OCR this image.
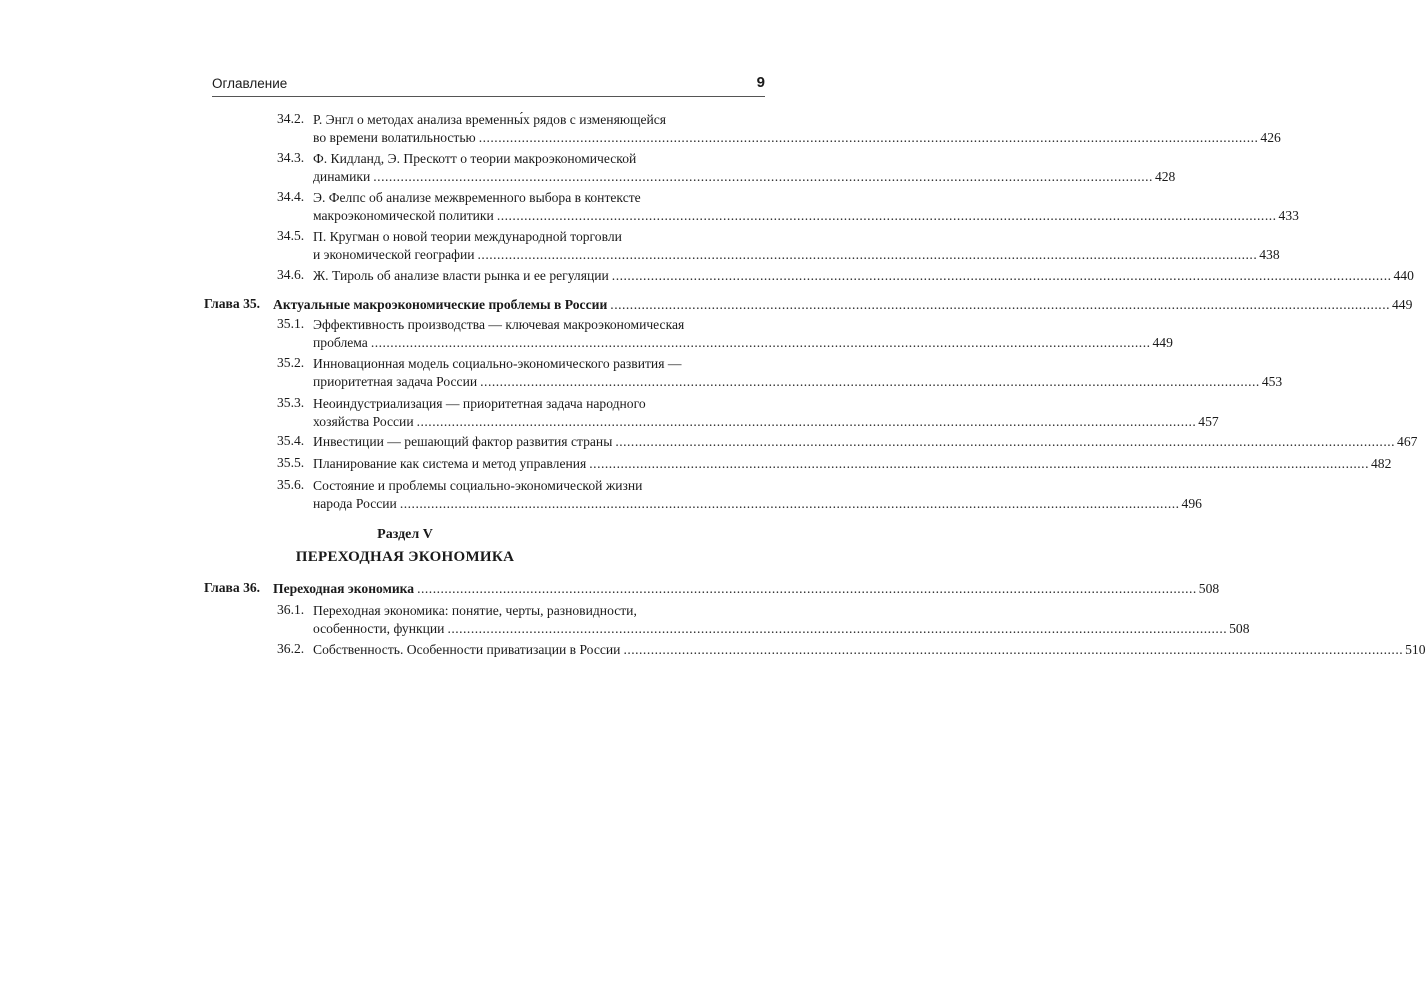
Оглавление	9
34.2. Р. Энгл о методах анализа временны́х рядов с изменяющейся
во времени волатильностью ........................................................................................................................................................................................................ 426
34.3. Ф. Кидланд, Э. Прескотт о теории макроэкономической
динамики ........................................................................................................................................................................................................ 428
34.4. Э. Фелпс об анализе межвременного выбора в контексте
макроэкономической политики ........................................................................................................................................................................................................ 433
34.5. П. Кругман о новой теории международной торговли
и экономической географии ........................................................................................................................................................................................................ 438
34.6. Ж. Тироль об анализе власти рынка и ее регуляции ........................................................................................................................................................................................................ 440
Глава 35. Актуальные макроэкономические проблемы в России ........................................................................................................................................................................................................ 449
35.1. Эффективность производства — ключевая макроэкономическая
проблема ........................................................................................................................................................................................................ 449
35.2. Инновационная модель социально-экономического развития —
приоритетная задача России ........................................................................................................................................................................................................ 453
35.3. Неоиндустриализация — приоритетная задача народного
хозяйства России ........................................................................................................................................................................................................ 457
35.4. Инвестиции — решающий фактор развития страны ........................................................................................................................................................................................................ 467
35.5. Планирование как система и метод управления ........................................................................................................................................................................................................ 482
35.6. Состояние и проблемы социально-экономической жизни
народа России ........................................................................................................................................................................................................ 496
Раздел V
ПЕРЕХОДНАЯ ЭКОНОМИКА
Глава 36. Переходная экономика ........................................................................................................................................................................................................ 508
36.1. Переходная экономика: понятие, черты, разновидности,
особенности, функции ........................................................................................................................................................................................................ 508
36.2. Собственность. Особенности приватизации в России ........................................................................................................................................................................................................ 510
